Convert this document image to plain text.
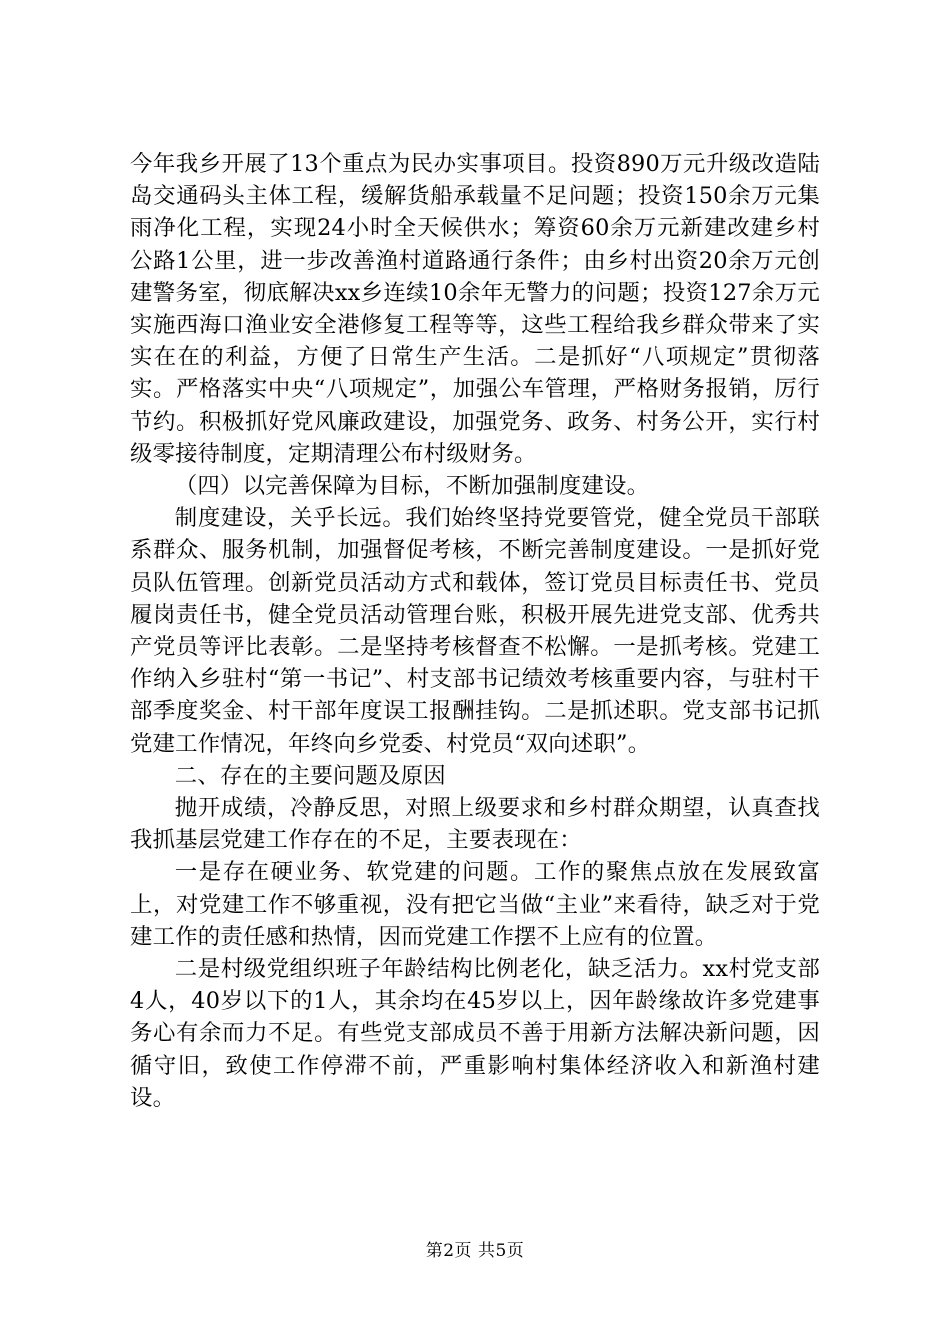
今年我乡开展了13个重点为民办实事项目。投资890万元升级改造陆岛交通码头主体工程，缓解货船承载量不足问题；投资150余万元集雨净化工程，实现24小时全天候供水；筹资60余万元新建改建乡村公路1公里，进一步改善渔村道路通行条件；由乡村出资20余万元创建警务室，彻底解决xx乡连续10余年无警力的问题；投资127余万元实施西海口渔业安全港修复工程等等，这些工程给我乡群众带来了实实在在的利益，方便了日常生产生活。二是抓好“八项规定”贯彻落实。严格落实中央“八项规定”，加强公车管理，严格财务报销，厉行节约。积极抓好党风廉政建设，加强党务、政务、村务公开，实行村级零接待制度，定期清理公布村级财务。

（四）以完善保障为目标，不断加强制度建设。

制度建设，关乎长远。我们始终坚持党要管党，健全党员干部联系群众、服务机制，加强督促考核，不断完善制度建设。一是抓好党员队伍管理。创新党员活动方式和载体，签订党员目标责任书、党员履岗责任书，健全党员活动管理台账，积极开展先进党支部、优秀共产党员等评比表彰。二是坚持考核督查不松懈。一是抓考核。党建工作纳入乡驻村“第一书记”、村支部书记绩效考核重要内容，与驻村干部季度奖金、村干部年度误工报酬挂钩。二是抓述职。党支部书记抓党建工作情况，年终向乡党委、村党员“双向述职”。

二、存在的主要问题及原因

抛开成绩，冷静反思，对照上级要求和乡村群众期望，认真查找我抓基层党建工作存在的不足，主要表现在：

一是存在硬业务、软党建的问题。工作的聚焦点放在发展致富上，对党建工作不够重视，没有把它当做“主业”来看待，缺乏对于党建工作的责任感和热情，因而党建工作摆不上应有的位置。

二是村级党组织班子年龄结构比例老化，缺乏活力。xx村党支部4人，40岁以下的1人，其余均在45岁以上，因年龄缘故许多党建事务心有余而力不足。有些党支部成员不善于用新方法解决新问题，因循守旧，致使工作停滞不前，严重影响村集体经济收入和新渔村建设。

第2页 共5页
